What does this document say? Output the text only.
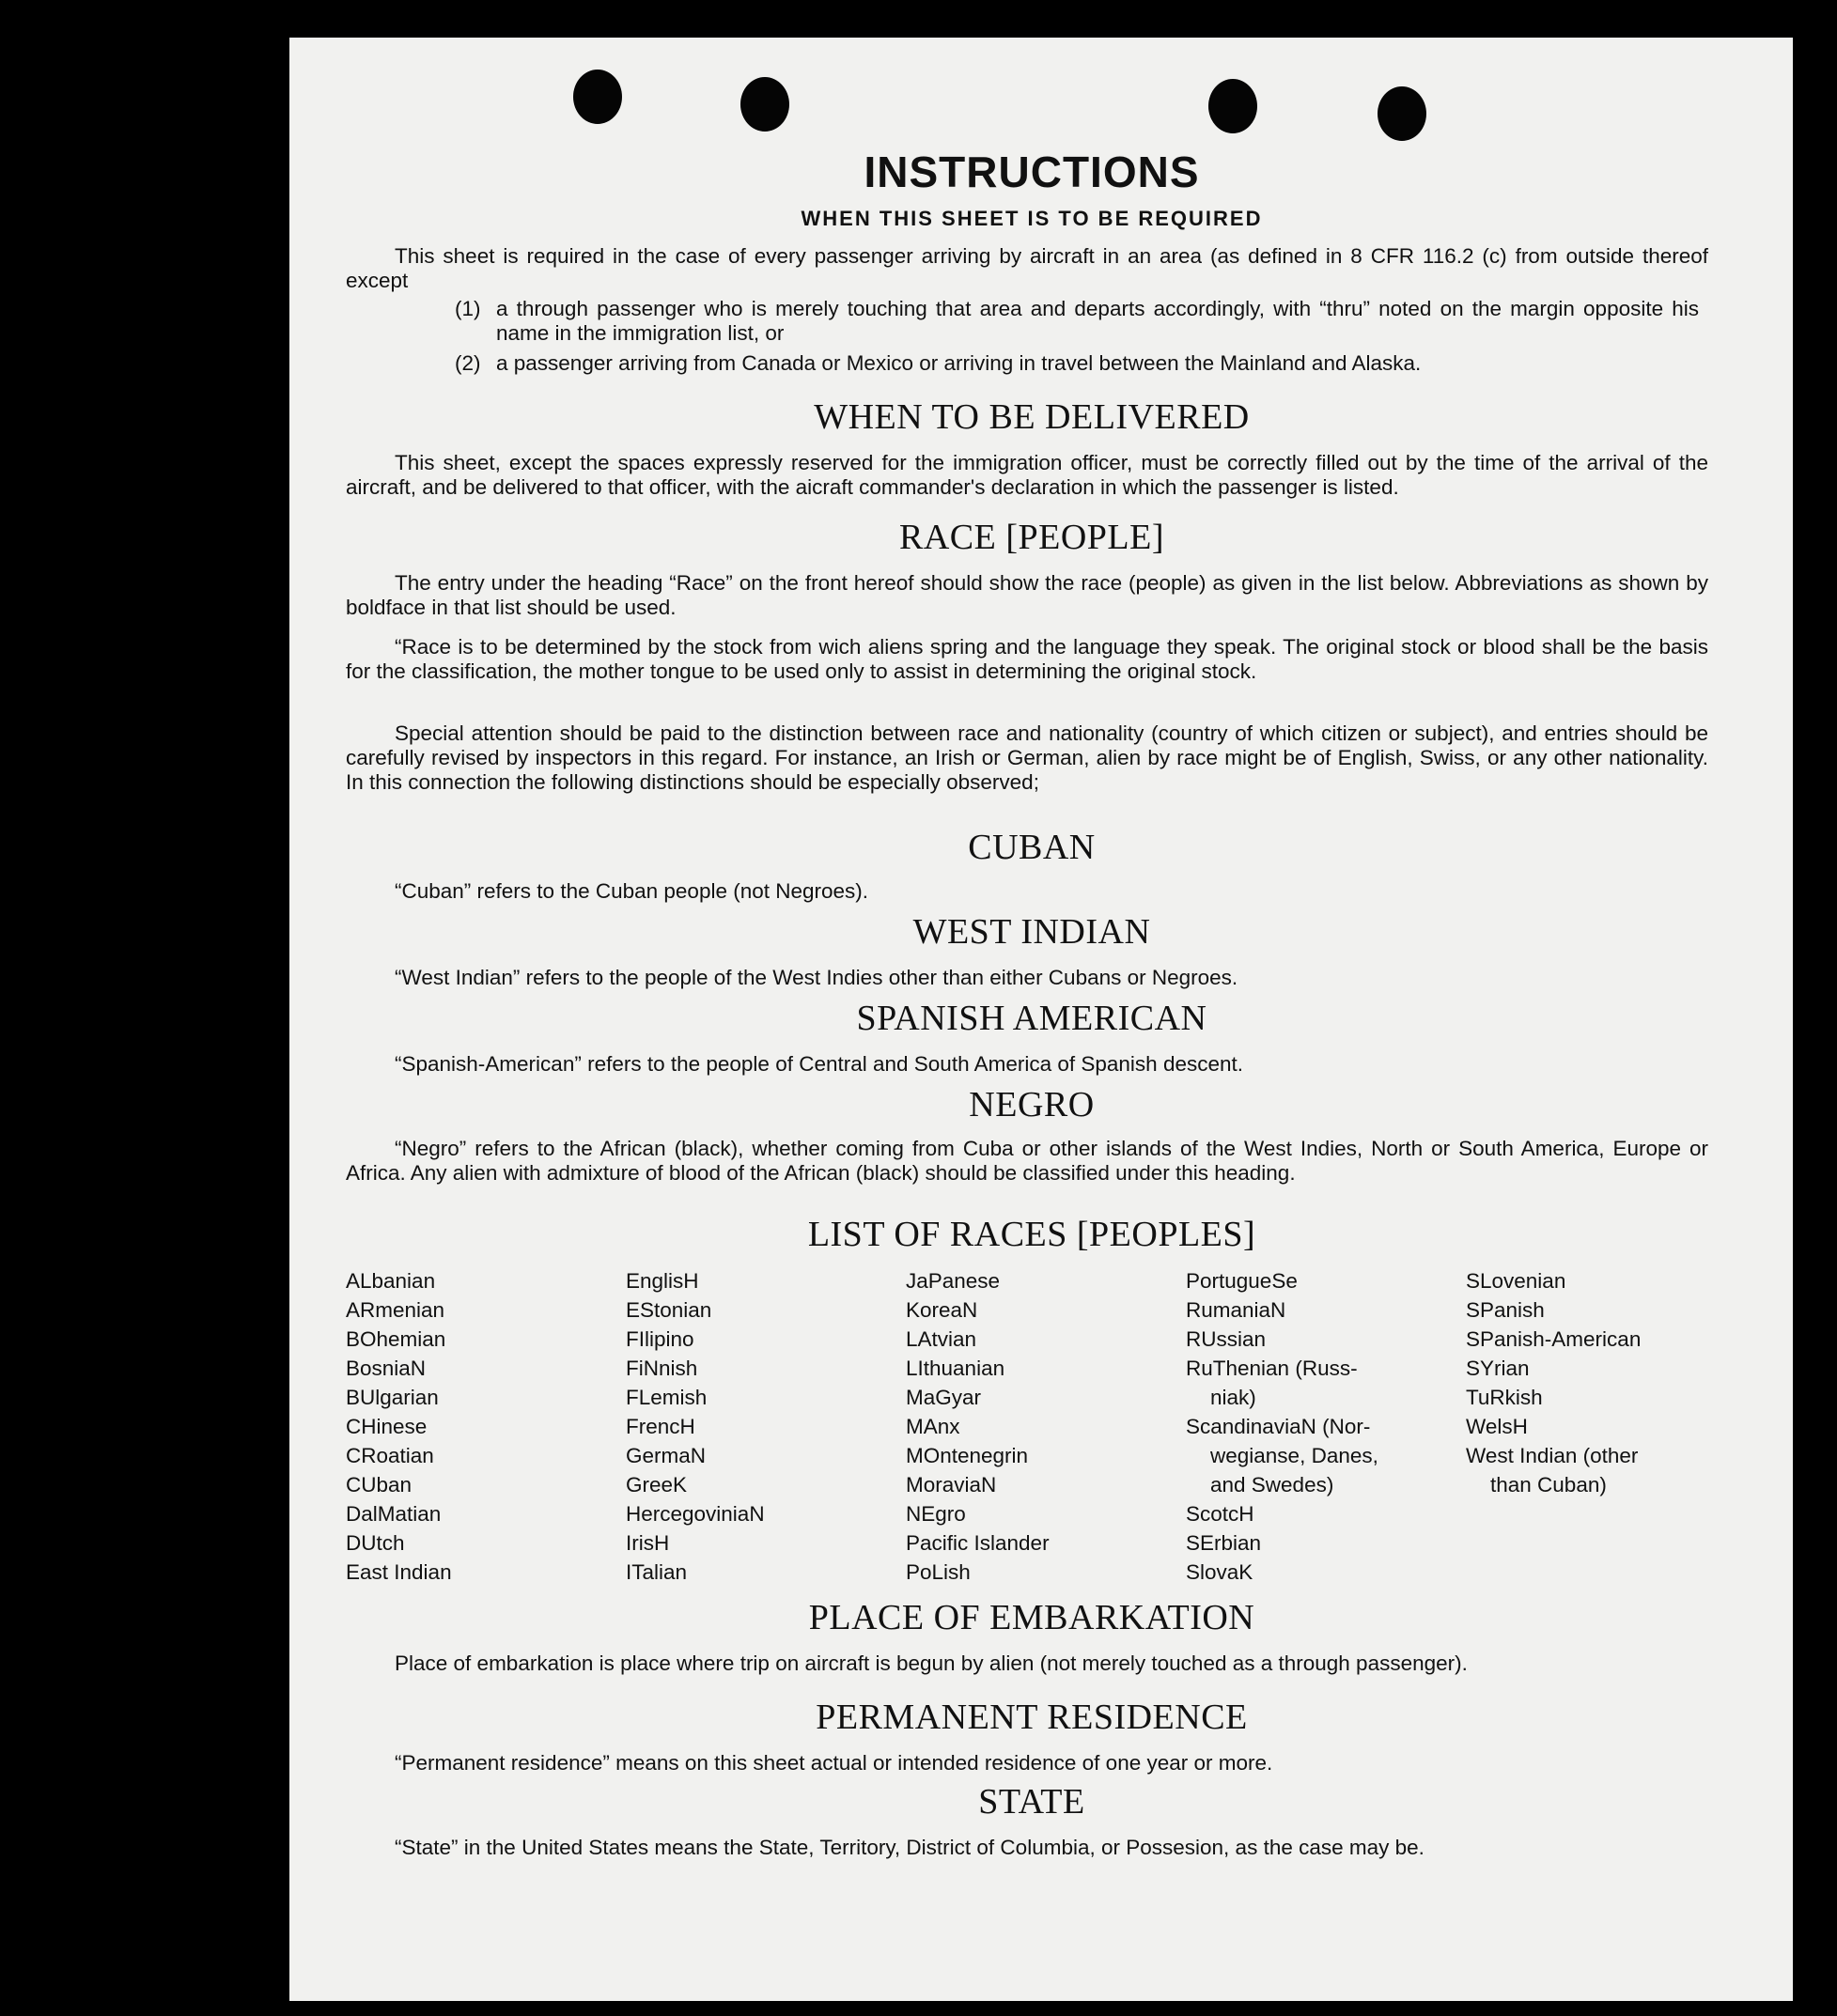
INSTRUCTIONS
WHEN THIS SHEET IS TO BE REQUIRED
This sheet is required in the case of every passenger arriving by aircraft in an area (as defined in 8 CFR 116.2 (c) from outside thereof except
(1) a through passenger who is merely touching that area and departs accordingly, with “thru” noted on the margin opposite his name in the immigration list, or
(2) a passenger arriving from Canada or Mexico or arriving in travel between the Mainland and Alaska.
WHEN TO BE DELIVERED
This sheet, except the spaces expressly reserved for the immigration officer, must be correctly filled out by the time of the arrival of the aircraft, and be delivered to that officer, with the aicraft commander's declaration in which the passenger is listed.
RACE [PEOPLE]
The entry under the heading “Race” on the front hereof should show the race (people) as given in the list below. Abbreviations as shown by boldface in that list should be used.
“Race is to be determined by the stock from wich aliens spring and the language they speak. The original stock or blood shall be the basis for the classification, the mother tongue to be used only to assist in determining the original stock.
Special attention should be paid to the distinction between race and nationality (country of which citizen or subject), and entries should be carefully revised by inspectors in this regard. For instance, an Irish or German, alien by race might be of English, Swiss, or any other nationality. In this connection the following distinctions should be especially observed;
CUBAN
“Cuban” refers to the Cuban people (not Negroes).
WEST INDIAN
“West Indian” refers to the people of the West Indies other than either Cubans or Negroes.
SPANISH AMERICAN
“Spanish-American” refers to the people of Central and South America of Spanish descent.
NEGRO
“Negro” refers to the African (black), whether coming from Cuba or other islands of the West Indies, North or South America, Europe or Africa. Any alien with admixture of blood of the African (black) should be classified under this heading.
LIST OF RACES [PEOPLES]
ALbanian
ARmenian
BOhemian
BosniaN
BUlgarian
CHinese
CRoatian
CUban
DalMatian
DUtch
East Indian
EnglisH
EStonian
FIlipino
FiNnish
FLemish
FrencH
GermaN
GreeK
HercegoviniaN
IrisH
ITalian
JaPanese
KoreaN
LAtvian
LIthuanian
MaGyar
MAnx
MOntenegrin
MoraviaN
NEgro
Pacific Islander
PoLish
PortugueSe
RumaniaN
RUssian
RuThenian (Russ-
niak)
ScandinaviaN (Nor-
wegianse, Danes,
and Swedes)
ScotcH
SErbian
SlovaK
SLovenian
SPanish
SPanish-American
SYrian
TuRkish
WelsH
West Indian (other
than Cuban)
PLACE OF EMBARKATION
Place of embarkation is place where trip on aircraft is begun by alien (not merely touched as a through passenger).
PERMANENT RESIDENCE
“Permanent residence” means on this sheet actual or intended residence of one year or more.
STATE
“State” in the United States means the State, Territory, District of Columbia, or Possesion, as the case may be.
